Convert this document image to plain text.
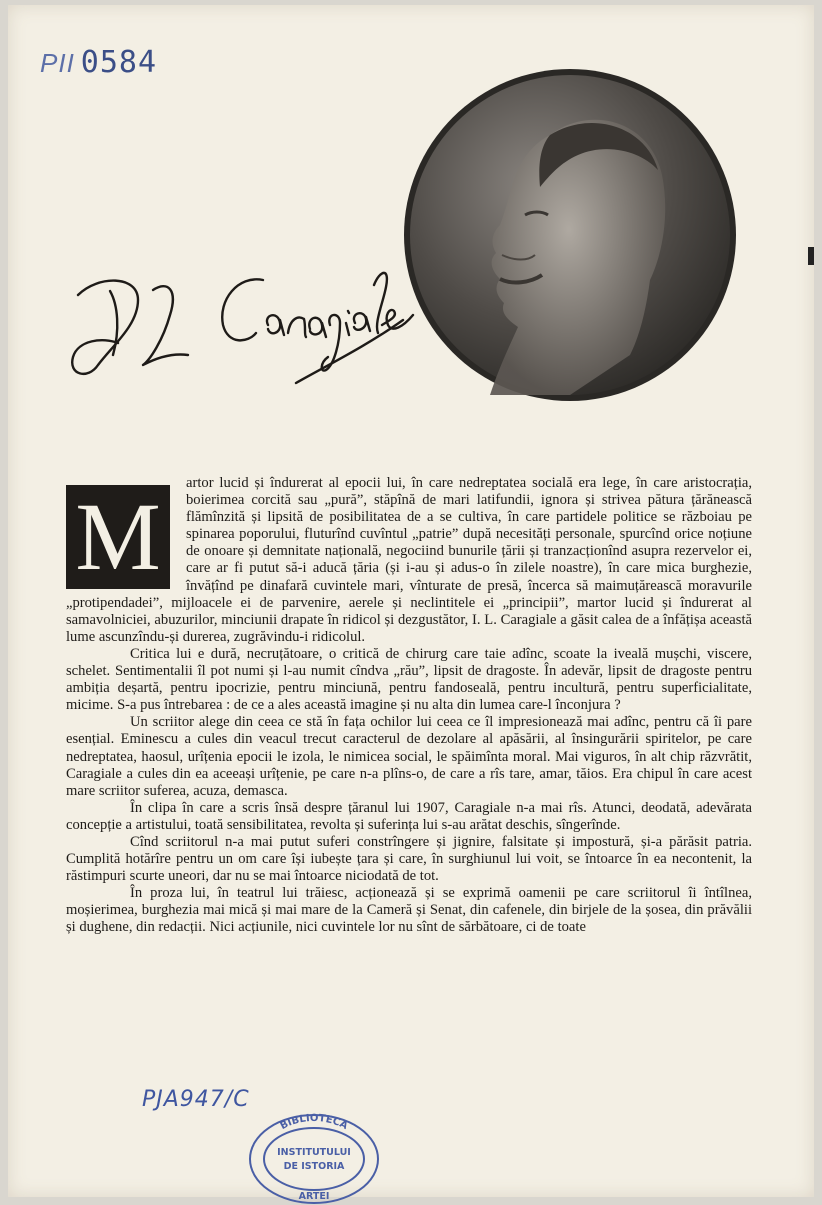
PII 0584
M	artor lucid și îndurerat al epocii lui, în care nedreptatea socială era lege, în care aristocrația, boierimea corcită sau „pură”, stăpînă de mari latifundii, ignora și strivea pătura țărănească flămînzită și lipsită de posibilitatea de a se cultiva, în care partidele politice se războiau pe spinarea poporului, fluturînd cuvîntul „patrie” după necesități personale, spurcînd orice noțiune de onoare și demnitate națională, negociind bunurile țării și tranzacționînd asupra rezervelor ei, care ar fi putut să-i aducă țăria (și i-au și adus-o în zilele noastre), în care mica burghezie, învățînd pe dinafară cuvintele mari, vînturate de presă, încerca să maimuțărească moravurile „protipendadei”, mijloacele ei de parvenire, aerele și neclintitele ei „principii”, martor lucid și îndurerat al samavolniciei, abuzurilor, minciunii drapate în ridicol și dezgustător, I. L. Caragiale a găsit calea de a înfățișa această lume ascunzîndu-și durerea, zugrăvindu-i ridicolul.

Critica lui e dură, necruțătoare, o critică de chirurg care taie adînc, scoate la iveală mușchi, viscere, schelet. Sentimentalii îl pot numi și l-au numit cîndva „rău”, lipsit de dragoste. În adevăr, lipsit de dragoste pentru ambiția deșartă, pentru ipocrizie, pentru minciună, pentru fandoseală, pentru incultură, pentru superficialitate, micime. S-a pus întrebarea : de ce a ales această imagine și nu alta din lumea care-l înconjura ?

Un scriitor alege din ceea ce stă în fața ochilor lui ceea ce îl impresionează mai adînc, pentru că îi pare esențial. Eminescu a cules din veacul trecut caracterul de dezolare al apăsării, al însingurării spiritelor, pe care nedreptatea, haosul, urîțenia epocii le izola, le nimicea social, le spăimînta moral. Mai viguros, în alt chip răzvrătit, Caragiale a cules din ea aceeași urîțenie, pe care n-a plîns-o, de care a rîs tare, amar, tăios. Era chipul în care acest mare scriitor suferea, acuza, demasca.

În clipa în care a scris însă despre țăranul lui 1907, Caragiale n-a mai rîs. Atunci, deodată, adevărata concepție a artistului, toată sensibilitatea, revolta și suferința lui s-au arătat deschis, sîngerînde.

Cînd scriitorul n-a mai putut suferi constrîngere și jignire, falsitate și impostură, și-a părăsit patria. Cumplită hotărîre pentru un om care își iubește țara și care, în surghiunul lui voit, se întoarce în ea necontenit, la răstimpuri scurte uneori, dar nu se mai întoarce niciodată de tot.

În proza lui, în teatrul lui trăiesc, acționează și se exprimă oamenii pe care scriitorul îi întîlnea, moșierimea, burghezia mai mică și mai mare de la Cameră și Senat, din cafenele, din birjele de la șosea, din prăvălii și dughene, din redacții. Nici acțiunile, nici cuvintele lor nu sînt de sărbătoare, ci de toate

PJA947/C
BIBLIOTECA
INSTITUTULUI
DE ISTORIA
ARTEI
